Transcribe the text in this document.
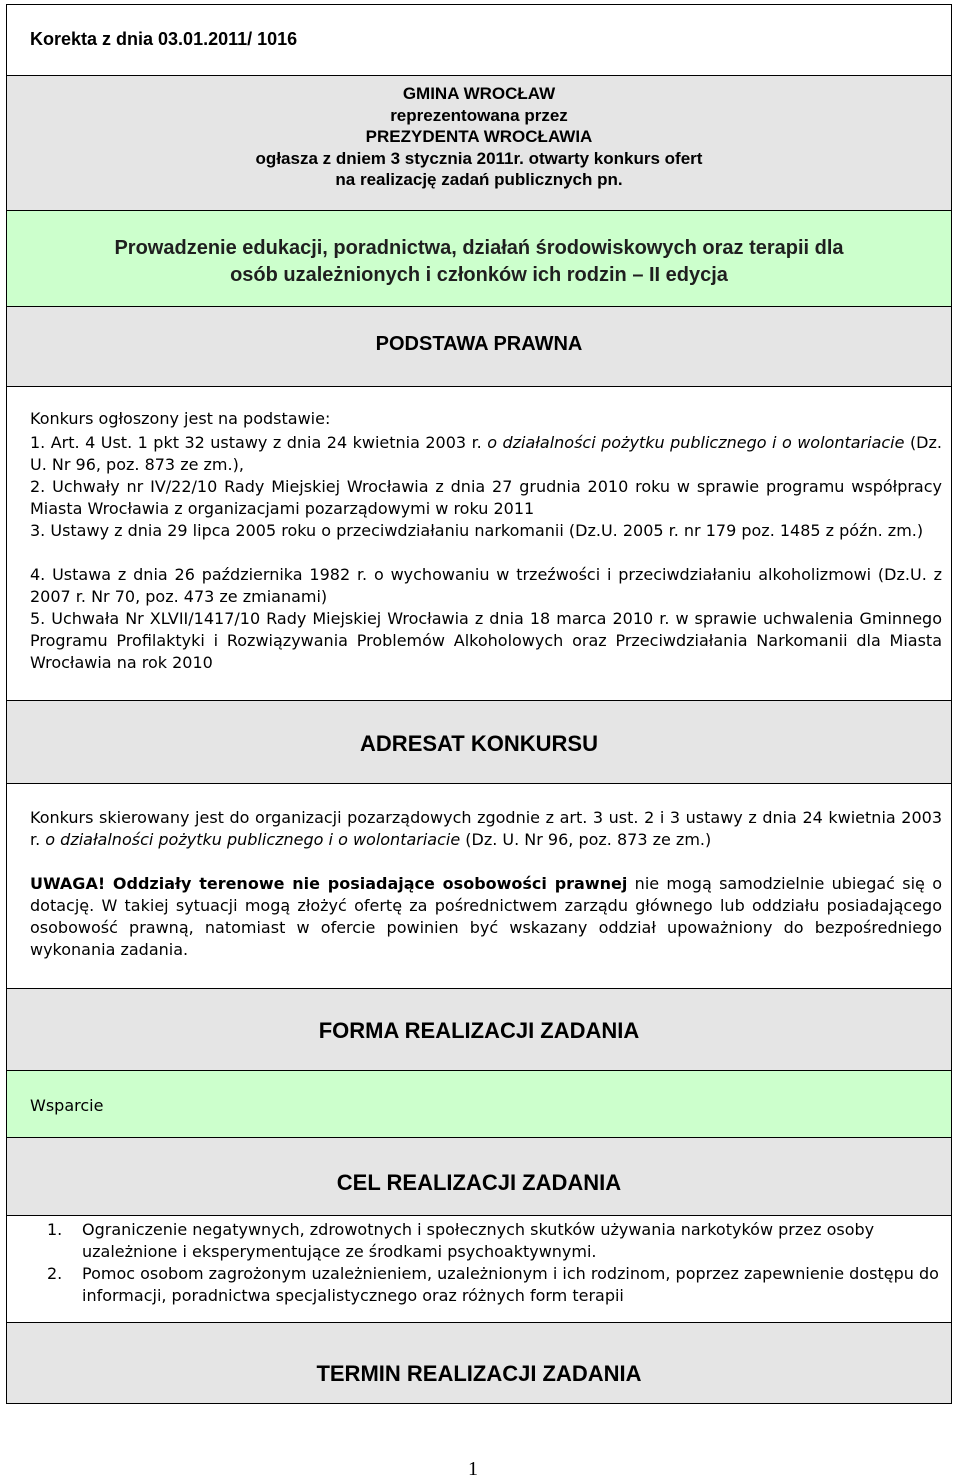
Korekta z dnia 03.01.2011/ 1016
GMINA WROCŁAW
reprezentowana przez
PREZYDENTA WROCŁAWIA
ogłasza z dniem 3 stycznia 2011r. otwarty konkurs ofert
na realizację zadań publicznych pn.
Prowadzenie edukacji, poradnictwa, działań środowiskowych oraz terapii dla
osób uzależnionych i członków ich rodzin – II edycja
PODSTAWA PRAWNA
Konkurs ogłoszony jest na podstawie:
1. Art. 4 Ust. 1 pkt 32 ustawy z dnia 24 kwietnia 2003 r. o działalności pożytku publicznego i o wolontariacie (Dz. U. Nr 96, poz. 873 ze zm.),
2. Uchwały nr IV/22/10 Rady Miejskiej Wrocławia z dnia 27 grudnia 2010 roku w sprawie programu współpracy Miasta Wrocławia z organizacjami pozarządowymi w roku 2011
3. Ustawy z dnia 29 lipca 2005 roku o przeciwdziałaniu narkomanii (Dz.U. 2005 r. nr 179 poz. 1485 z późn. zm.)
4. Ustawa z dnia 26 października 1982 r. o wychowaniu w trzeźwości i przeciwdziałaniu alkoholizmowi (Dz.U. z 2007 r. Nr 70, poz. 473 ze zmianami)
5. Uchwała Nr XLVII/1417/10 Rady Miejskiej Wrocławia z dnia 18 marca 2010 r. w sprawie uchwalenia Gminnego Programu Profilaktyki i Rozwiązywania Problemów Alkoholowych oraz Przeciwdziałania Narkomanii dla Miasta Wrocławia na rok 2010
ADRESAT KONKURSU
Konkurs skierowany jest do organizacji pozarządowych zgodnie z art. 3 ust. 2 i 3 ustawy z dnia 24 kwietnia 2003 r. o działalności pożytku publicznego i o wolontariacie (Dz. U. Nr 96, poz. 873 ze zm.)
UWAGA! Oddziały terenowe nie posiadające osobowości prawnej nie mogą samodzielnie ubiegać się o dotację. W takiej sytuacji mogą złożyć ofertę za pośrednictwem zarządu głównego lub oddziału posiadającego osobowość prawną, natomiast w ofercie powinien być wskazany oddział upoważniony do bezpośredniego wykonania zadania.
FORMA REALIZACJI ZADANIA
Wsparcie
CEL REALIZACJI ZADANIA
1.	Ograniczenie negatywnych, zdrowotnych i społecznych skutków używania narkotyków przez osoby uzależnione i eksperymentujące ze środkami psychoaktywnymi.
2.	Pomoc osobom zagrożonym uzależnieniem, uzależnionym i ich rodzinom, poprzez zapewnienie dostępu do informacji, poradnictwa specjalistycznego oraz różnych form terapii
TERMIN REALIZACJI ZADANIA
1
